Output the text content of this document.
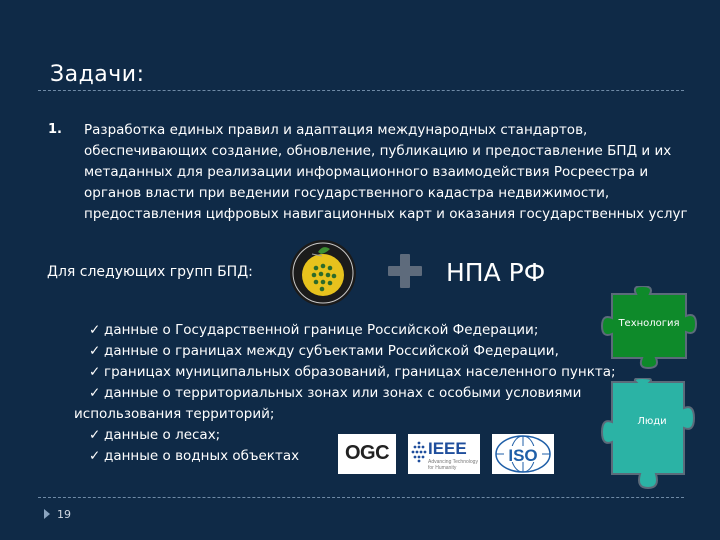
Задачи:
1. Разработка единых правил и адаптация международных стандартов, обеспечивающих создание, обновление, публикацию и предоставление БПД и их метаданных для реализации информационного взаимодействия Росреестра и органов власти при ведении государственного кадастра недвижимости, предоставления цифровых навигационных карт и оказания государственных услуг
Для следующих групп БПД:	НПА РФ
✓ данные о Государственной границе Российской Федерации;
✓ данные о границах между субъектами Российской Федерации,
✓ границах муниципальных образований, границах населенного пункта;
✓ данные о территориальных зонах или зонах с особыми условиями
использования территорий;
✓ данные о лесах;
✓ данные о водных объектах	OGC	IEEE
Advancing Technology for Humanity
ISO
Технология
Люди
19
